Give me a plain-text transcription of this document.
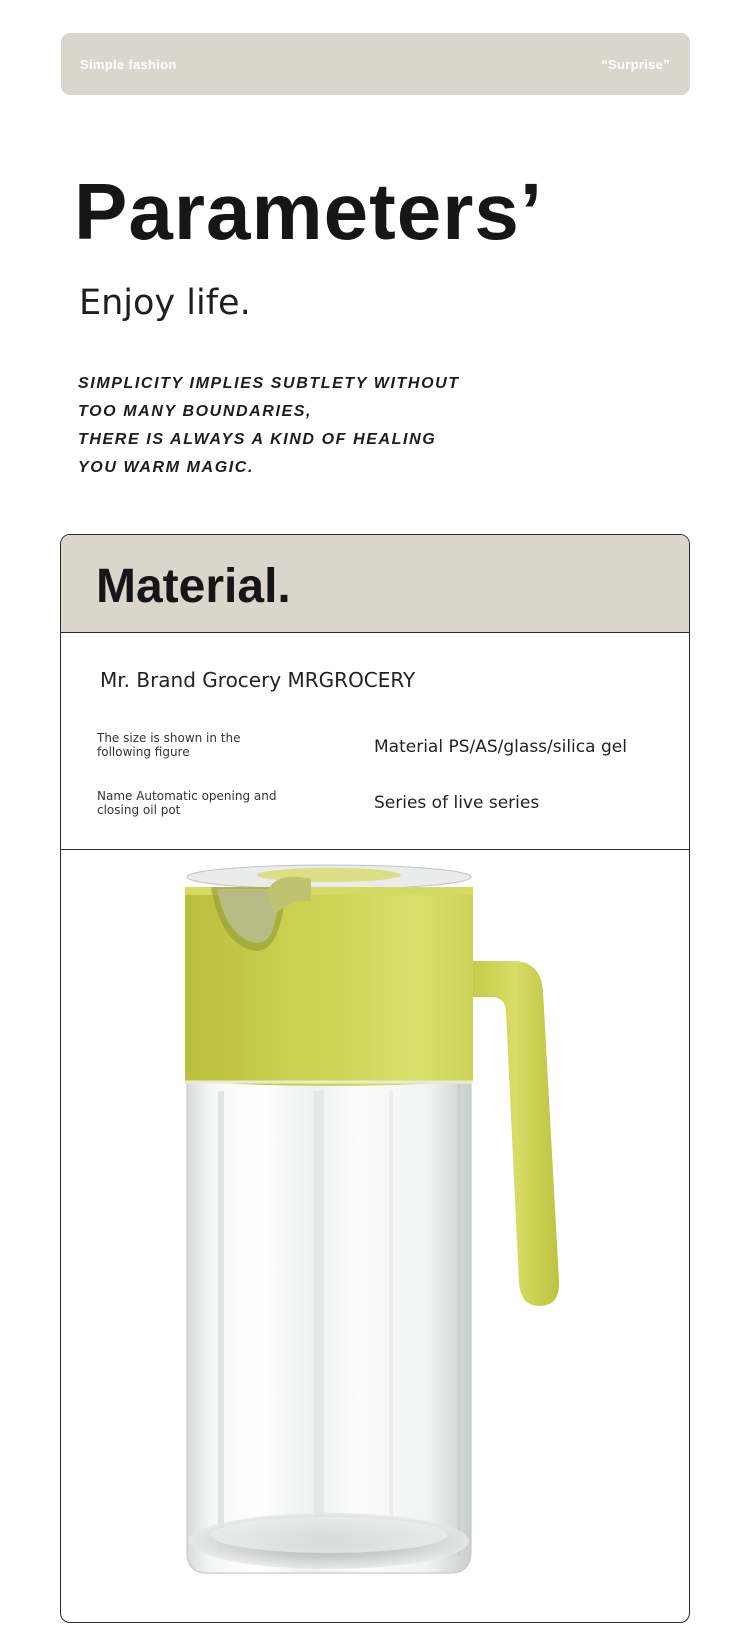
Simple fashion	“Surprise”
Parameters’
Enjoy life.
SIMPLICITY IMPLIES SUBTLETY WITHOUT
TOO MANY BOUNDARIES,
THERE IS ALWAYS A KIND OF HEALING
YOU WARM MAGIC.
Material.
Mr. Brand Grocery MRGROCERY
The size is shown in the following figure	Material PS/AS/glass/silica gel
Name Automatic opening and closing oil pot	Series of live series
